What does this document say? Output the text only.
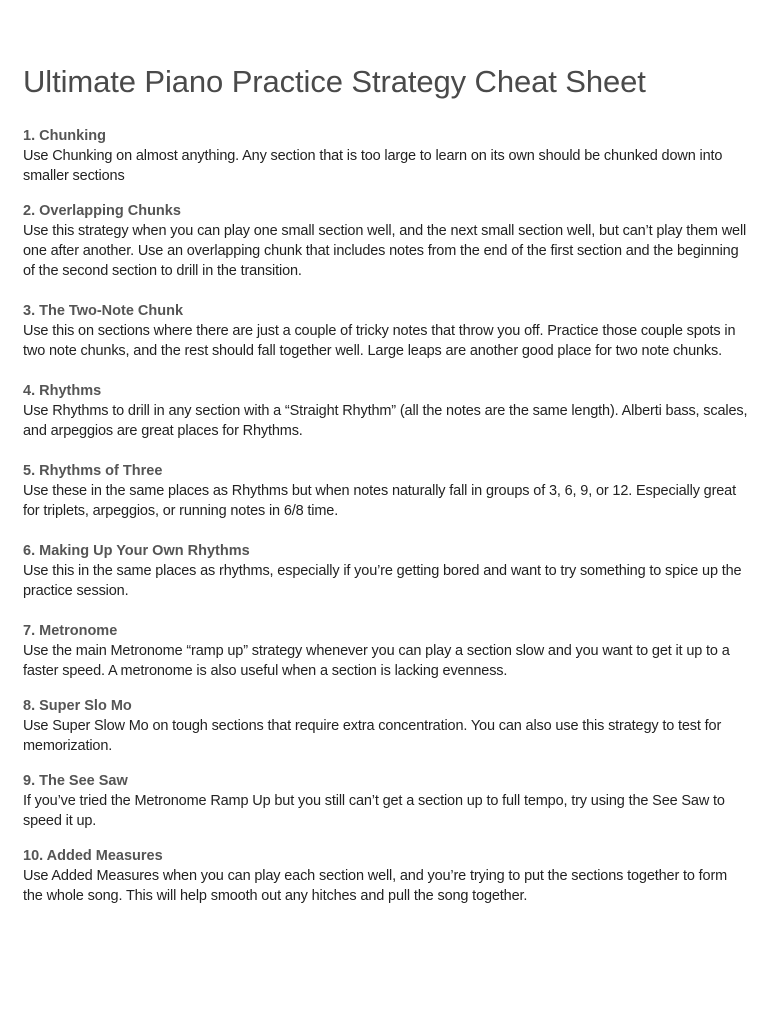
Ultimate Piano Practice Strategy Cheat Sheet

1. Chunking

Use Chunking on almost anything. Any section that is too large to learn on its own should be chunked down into smaller sections

2. Overlapping Chunks

Use this strategy when you can play one small section well, and the next small section well, but can’t play them well one after another. Use an overlapping chunk that includes notes from the end of the first section and the beginning of the second section to drill in the transition.

3. The Two-Note Chunk

Use this on sections where there are just a couple of tricky notes that throw you off. Practice those couple spots in two note chunks, and the rest should fall together well. Large leaps are another good place for two note chunks.

4. Rhythms

Use Rhythms to drill in any section with a “Straight Rhythm” (all the notes are the same length). Alberti bass, scales, and arpeggios are great places for Rhythms.

5. Rhythms of Three

Use these in the same places as Rhythms but when notes naturally fall in groups of 3, 6, 9, or 12. Especially great for triplets, arpeggios, or running notes in 6/8 time.

6. Making Up Your Own Rhythms

Use this in the same places as rhythms, especially if you’re getting bored and want to try something to spice up the practice session.

7. Metronome

Use the main Metronome “ramp up” strategy whenever you can play a section slow and you want to get it up to a faster speed. A metronome is also useful when a section is lacking evenness.

8. Super Slo Mo

Use Super Slow Mo on tough sections that require extra concentration. You can also use this strategy to test for memorization.

9. The See Saw

If you’ve tried the Metronome Ramp Up but you still can’t get a section up to full tempo, try using the See Saw to speed it up.

10. Added Measures

Use Added Measures when you can play each section well, and you’re trying to put the sections together to form the whole song. This will help smooth out any hitches and pull the song together.
